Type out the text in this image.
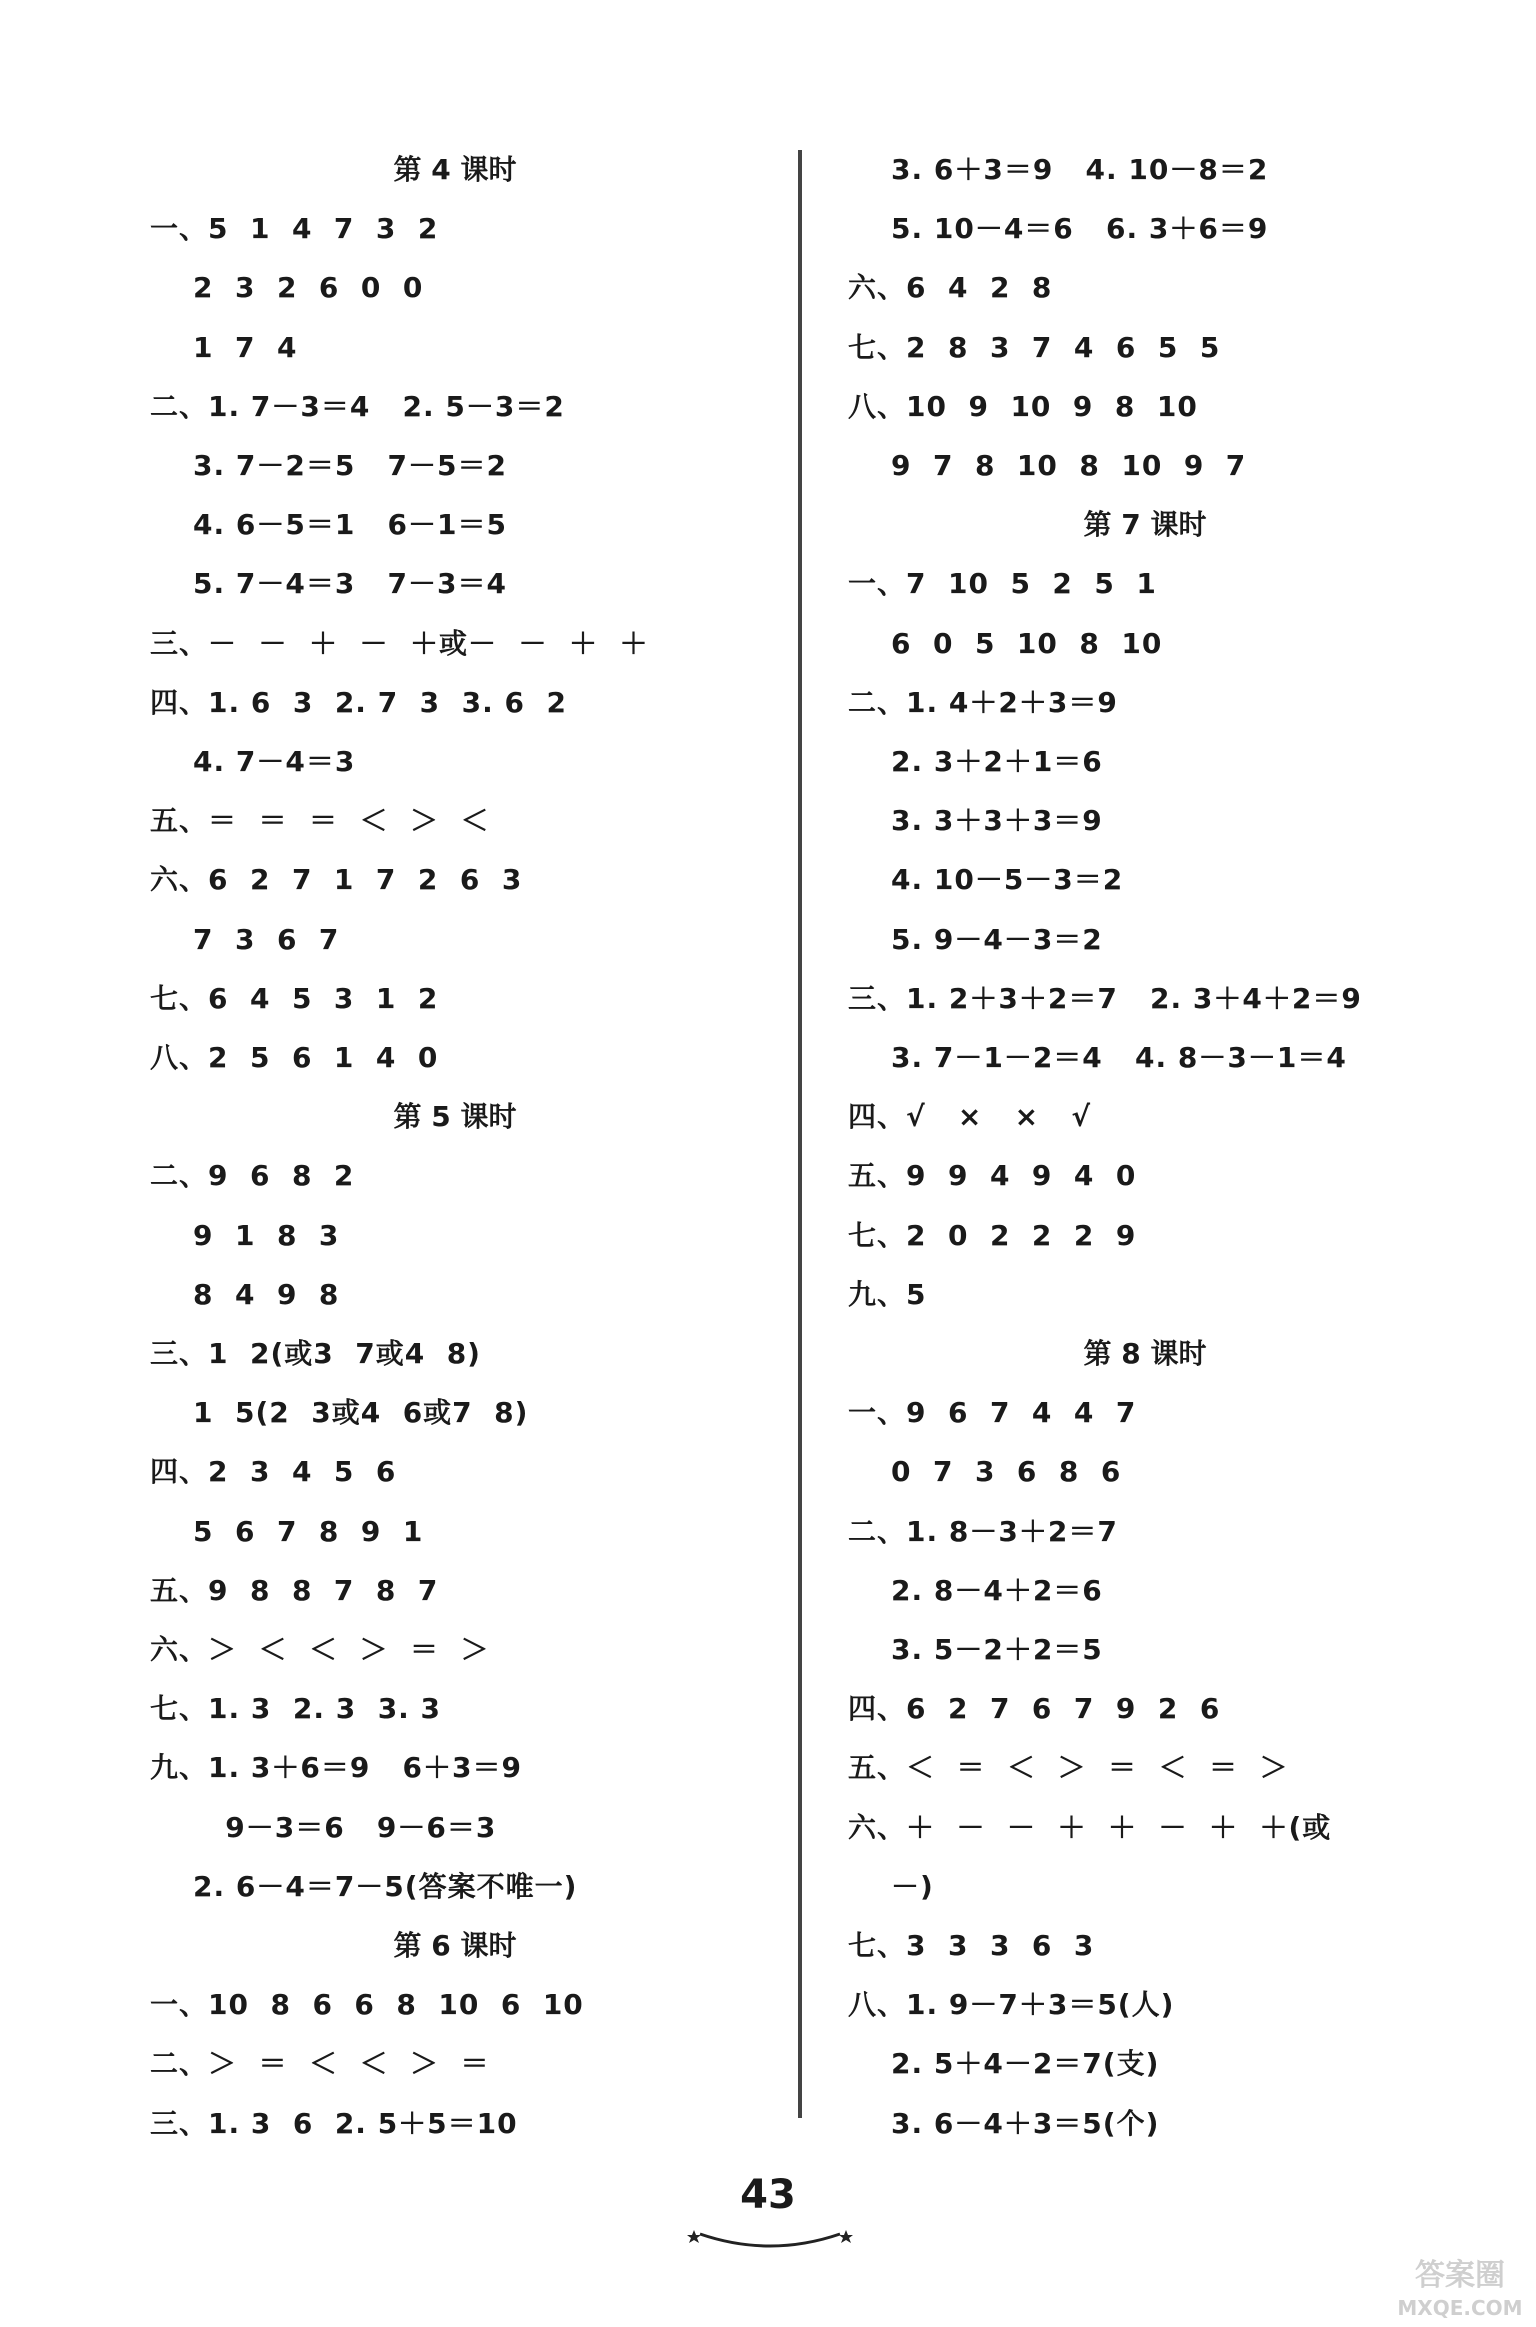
第 4 课时
一、5  1  4  7  3  2
2  3  2  6  0  0
1  7  4
二、1. 7－3＝4   2. 5－3＝2
3. 7－2＝5   7－5＝2
4. 6－5＝1   6－1＝5
5. 7－4＝3   7－3＝4
三、－  －  ＋  －  ＋或－  －  ＋  ＋
四、1. 6  3  2. 7  3  3. 6  2
4. 7－4＝3
五、＝  ＝  ＝  ＜  ＞  ＜
六、6  2  7  1  7  2  6  3
7  3  6  7
七、6  4  5  3  1  2
八、2  5  6  1  4  0
第 5 课时
二、9  6  8  2
9  1  8  3
8  4  9  8
三、1  2(或3  7或4  8)
1  5(2  3或4  6或7  8)
四、2  3  4  5  6
5  6  7  8  9  1
五、9  8  8  7  8  7
六、＞  ＜  ＜  ＞  ＝  ＞
七、1. 3  2. 3  3. 3
九、1. 3＋6＝9   6＋3＝9
9－3＝6   9－6＝3
2. 6－4＝7－5(答案不唯一)
第 6 课时
一、10  8  6  6  8  10  6  10
二、＞  ＝  ＜  ＜  ＞  ＝
三、1. 3  6  2. 5＋5＝10
3. 6＋3＝9   4. 10－8＝2
5. 10－4＝6   6. 3＋6＝9
六、6  4  2  8
七、2  8  3  7  4  6  5  5
八、10  9  10  9  8  10
9  7  8  10  8  10  9  7
第 7 课时
一、7  10  5  2  5  1
6  0  5  10  8  10
二、1. 4＋2＋3＝9
2. 3＋2＋1＝6
3. 3＋3＋3＝9
4. 10－5－3＝2
5. 9－4－3＝2
三、1. 2＋3＋2＝7   2. 3＋4＋2＝9
3. 7－1－2＝4   4. 8－3－1＝4
四、√   ×   ×   √
五、9  9  4  9  4  0
七、2  0  2  2  2  9
九、5
第 8 课时
一、9  6  7  4  4  7
0  7  3  6  8  6
二、1. 8－3＋2＝7
2. 8－4＋2＝6
3. 5－2＋2＝5
四、6  2  7  6  7  9  2  6
五、＜  ＝  ＜  ＞  ＝  ＜  ＝  ＞
六、＋  －  －  ＋  ＋  －  ＋  ＋(或
－)
七、3  3  3  6  3
八、1. 9－7＋3＝5(人)
2. 5＋4－2＝7(支)
3. 6－4＋3＝5(个)
43
答案圈
MXQE.COM
